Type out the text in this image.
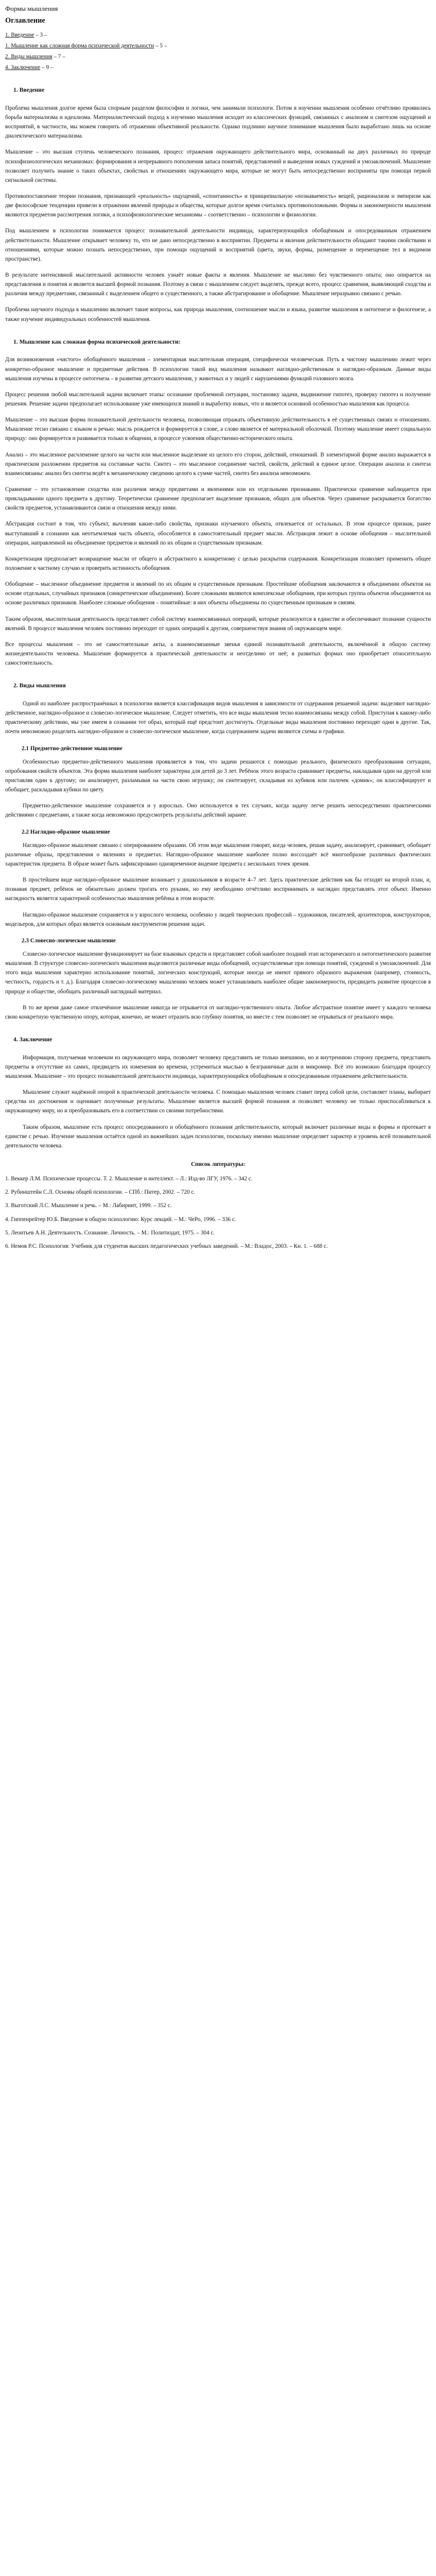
Формы мышления
Оглавление
1. Введение – 3 –
1. Мышление как сложная форма психической деятельности – 5 –
2. Виды мышления – 7 –
4. Заключение – 9 –
1. Введение

Проблема мышления долгое время была спорным разделом философии и логики, чем занимали психологи. Потом в изучении мышления особенно отчётливо проявились борьба материализма и идеализма. Материалистический подход к изучению мышления исходит из классических функций, связанных с анализом и синтезом ощущений и восприятий, в частности, мы можем говорить об отражении объективной реальности. Однако подлинно научное понимание мышления было выработано лишь на основе диалектического материализма.

Мышление – это высшая ступень человеческого познания, процесс отражения окружающего действительного мира, основанный на двух различных по природе психофизиологических механизмах: формирования и непрерывного пополнения запаса понятий, представлений и выведения новых суждений и умозаключений. Мышление позволяет получить знание о таких объектах, свойствах и отношениях окружающего мира, которые не могут быть непосредственно восприняты при помощи первой сигнальной системы.

Противопоставление теории познания, признающей «реальность» ощущений, «спонтанность» и принципиальную «познаваемость» вещей, рационализм и эмпиризм как две философские тенденции привели в отражении явлений природы и общества, которые долгое время считались противоположными. Формы и закономерности мышления являются предметом рассмотрения логики, а психофизиологические механизмы – соответственно – психологии и физиологии.

Под мышлением в психологии понимается процесс познавательной деятельности индивида, характеризующийся обобщённым и опосредованным отражением действительности. Мышление открывает человеку то, что не дано непосредственно в восприятии. Предметы и явления действительности обладают такими свойствами и отношениями, которые можно познать непосредственно, при помощи ощущений и восприятий (цвета, звуки, формы, размещение и перемещение тел в видимом пространстве).

В результате интенсивной мыслительной активности человек узнаёт новые факты и явления. Мышление не мыслимо без чувственного опыта; оно опирается на представления и понятия и является высшей формой познания. Поэтому в связи с мышлением следует выделять, прежде всего, процесс сравнения, выявляющий сходства и различия между предметами, связанный с выделением общего и существенного, а также абстрагирование и обобщение. Мышление неразрывно связано с речью.

Проблема научного подхода к мышлению включает такие вопросы, как природа мышления, соотношение мысли и языка, развитие мышления в онтогенезе и филогенезе, а также изучение индивидуальных особенностей мышления.

1. Мышление как сложная форма психической деятельности:

Для возникновения «чистого» обобщённого мышления – элементарная мыслительная операция, специфически человеческая. Путь к чистому мышлению лежит через конкретно-образное мышление и предметные действия. В психологии такой вид мышления называют наглядно-действенным и наглядно-образным. Данные виды мышления изучены в процессе онтогенеза – в развитии детского мышления, у животных и у людей с нарушениями функций головного мозга.

Процесс решения любой мыслительной задачи включает этапы: осознание проблемной ситуации, постановку задачи, выдвижение гипотез, проверку гипотез и получение решения. Решение задачи предполагает использование уже имеющихся знаний и выработку новых, что и является основной особенностью мышления как процесса.

Мышление – это высшая форма познавательной деятельности человека, позволяющая отражать объективную действительность в её существенных связях и отношениях. Мышление тесно связано с языком и речью: мысль рождается и формируется в слове, а слово является её материальной оболочкой. Поэтому мышление имеет социальную природу: оно формируется и развивается только в общении, в процессе усвоения общественно-исторического опыта.

Анализ – это мысленное расчленение целого на части или мысленное выделение из целого его сторон, действий, отношений. В элементарной форме анализ выражается в практическом разложении предметов на составные части. Синтез – это мысленное соединение частей, свойств, действий в единое целое. Операции анализа и синтеза взаимосвязаны: анализ без синтеза ведёт к механическому сведению целого к сумме частей, синтез без анализа невозможен.

Сравнение – это установление сходства или различия между предметами и явлениями или их отдельными признаками. Практически сравнение наблюдается при прикладывании одного предмета к другому. Теоретически сравнение предполагает выделение признаков, общих для объектов. Через сравнение раскрывается богатство свойств предметов, устанавливаются связи и отношения между ними.

Абстракция состоит в том, что субъект, вычленяя какие-либо свойства, признаки изучаемого объекта, отвлекается от остальных. В этом процессе признак, ранее выступавший в сознании как неотъемлемая часть объекта, обособляется в самостоятельный предмет мысли. Абстракция лежит в основе обобщения – мыслительной операции, направленной на объединение предметов и явлений по их общим и существенным признакам.

Конкретизация предполагает возвращение мысли от общего и абстрактного к конкретному с целью раскрытия содержания. Конкретизация позволяет применить общее положение к частному случаю и проверить истинность обобщения.

Обобщение – мысленное объединение предметов и явлений по их общим и существенным признакам. Простейшие обобщения заключаются в объединении объектов на основе отдельных, случайных признаков (синкретические объединения). Более сложными являются комплексные обобщения, при которых группа объектов объединяется на основе различных признаков. Наиболее сложные обобщения – понятийные: в них объекты объединены по существенным признакам и связям.

Таким образом, мыслительная деятельность представляет собой систему взаимосвязанных операций, которые реализуются в единстве и обеспечивают познание сущности явлений. В процессе мышления человек постоянно переходит от одних операций к другим, совершенствуя знания об окружающем мире.

Все процессы мышления – это не самостоятельные акты, а взаимосвязанные звенья единой познавательной деятельности, включённой в общую систему жизнедеятельности человека. Мышление формируется в практической деятельности и неотделимо от неё; в развитых формах оно приобретает относительную самостоятельность.

2. Виды мышления

Одной из наиболее распространённых в психологии является классификация видов мышления в зависимости от содержания решаемой задачи: выделяют наглядно-действенное, наглядно-образное и словесно-логическое мышление. Следует отметить, что все виды мышления тесно взаимосвязаны между собой. Приступая к какому-либо практическому действию, мы уже имеем в сознании тот образ, который ещё предстоит достигнуть. Отдельные виды мышления постоянно переходят одни в другие. Так, почти невозможно разделить наглядно-образное и словесно-логическое мышление, когда содержанием задачи являются схемы и графики.

2.1 Предметно-действенное мышление

Особенностью предметно-действенного мышления проявляется в том, что задачи решаются с помощью реального, физического преобразования ситуации, опробования свойств объектов. Эта форма мышления наиболее характерна для детей до 3 лет. Ребёнок этого возраста сравнивает предметы, накладывая один на другой или приставляя один к другому; он анализирует, разламывая на части свою игрушку; он синтезирует, складывая из кубиков или палочек «домик»; он классифицирует и обобщает, раскладывая кубики по цвету.

Предметно-действенное мышление сохраняется и у взрослых. Оно используется в тех случаях, когда задачу легче решить непосредственно практическими действиями с предметами, а также когда невозможно предусмотреть результаты действий заранее.

2.2 Наглядно-образное мышление

Наглядно-образное мышление связано с оперированием образами. Об этом виде мышления говорят, когда человек, решая задачу, анализирует, сравнивает, обобщает различные образы, представления о явлениях и предметах. Наглядно-образное мышление наиболее полно воссоздаёт всё многообразие различных фактических характеристик предмета. В образе может быть зафиксировано одновременное видение предмета с нескольких точек зрения.

В простейшем виде наглядно-образное мышление возникает у дошкольников в возрасте 4–7 лет. Здесь практические действия как бы отходят на второй план, и, познавая предмет, ребёнок не обязательно должен трогать его руками, но ему необходимо отчётливо воспринимать и наглядно представлять этот объект. Именно наглядность является характерной особенностью мышления ребёнка в этом возрасте.

Наглядно-образное мышление сохраняется и у взрослого человека, особенно у людей творческих профессий – художников, писателей, архитекторов, конструкторов, модельеров, для которых образ является основным инструментом решения задач.

2.3 Словесно-логическое мышление

Словесно-логическое мышление функционирует на базе языковых средств и представляет собой наиболее поздний этап исторического и онтогенетического развития мышления. В структуре словесно-логического мышления выделяются различные виды обобщений, осуществляемые при помощи понятий, суждений и умозаключений. Для этого вида мышления характерно использование понятий, логических конструкций, которые иногда не имеют прямого образного выражения (например, стоимость, честность, гордость и т. д.). Благодаря словесно-логическому мышлению человек может устанавливать наиболее общие закономерности, предвидеть развитие процессов в природе и обществе, обобщать различный наглядный материал.

В то же время даже самое отвлечённое мышление никогда не отрывается от наглядно-чувственного опыта. Любое абстрактное понятие имеет у каждого человека свою конкретную чувственную опору, которая, конечно, не может отразить всю глубину понятия, но вместе с тем позволяет не отрываться от реального мира.

4. Заключение

Информация, получаемая человеком из окружающего мира, позволяет человеку представить не только внешнюю, но и внутреннюю сторону предмета, представить предметы в отсутствие их самих, предвидеть их изменения во времени, устремиться мыслью в безграничные дали и микромир. Всё это возможно благодаря процессу мышления. Мышление – это процесс познавательной деятельности индивида, характеризующийся обобщённым и опосредованным отражением действительности.

Мышление служит надёжной опорой в практической деятельности человека. С помощью мышления человек ставит перед собой цели, составляет планы, выбирает средства их достижения и оценивает полученные результаты. Мышление является высшей формой познания и позволяет человеку не только приспосабливаться к окружающему миру, но и преобразовывать его в соответствии со своими потребностями.

Таким образом, мышление есть процесс опосредованного и обобщённого познания действительности, который включает различные виды и формы и протекает в единстве с речью. Изучение мышления остаётся одной из важнейших задач психологии, поскольку именно мышление определяет характер и уровень всей познавательной деятельности человека.

Список литературы:
1. Веккер Л.М. Психические процессы. Т. 2. Мышление и интеллект. – Л.: Изд-во ЛГУ, 1976. – 342 с.
2. Рубинштейн С.Л. Основы общей психологии. – СПб.: Питер, 2002. – 720 с.
3. Выготский Л.С. Мышление и речь. – М.: Лабиринт, 1999. – 352 с.
4. Гиппенрейтер Ю.Б. Введение в общую психологию: Курс лекций. – М.: ЧеРо, 1996. – 336 с.
5. Леонтьев А.Н. Деятельность. Сознание. Личность. – М.: Политиздат, 1975. – 304 с.
6. Немов Р.С. Психология: Учебник для студентов высших педагогических учебных заведений. – М.: Владос, 2003. – Кн. 1. – 688 с.
